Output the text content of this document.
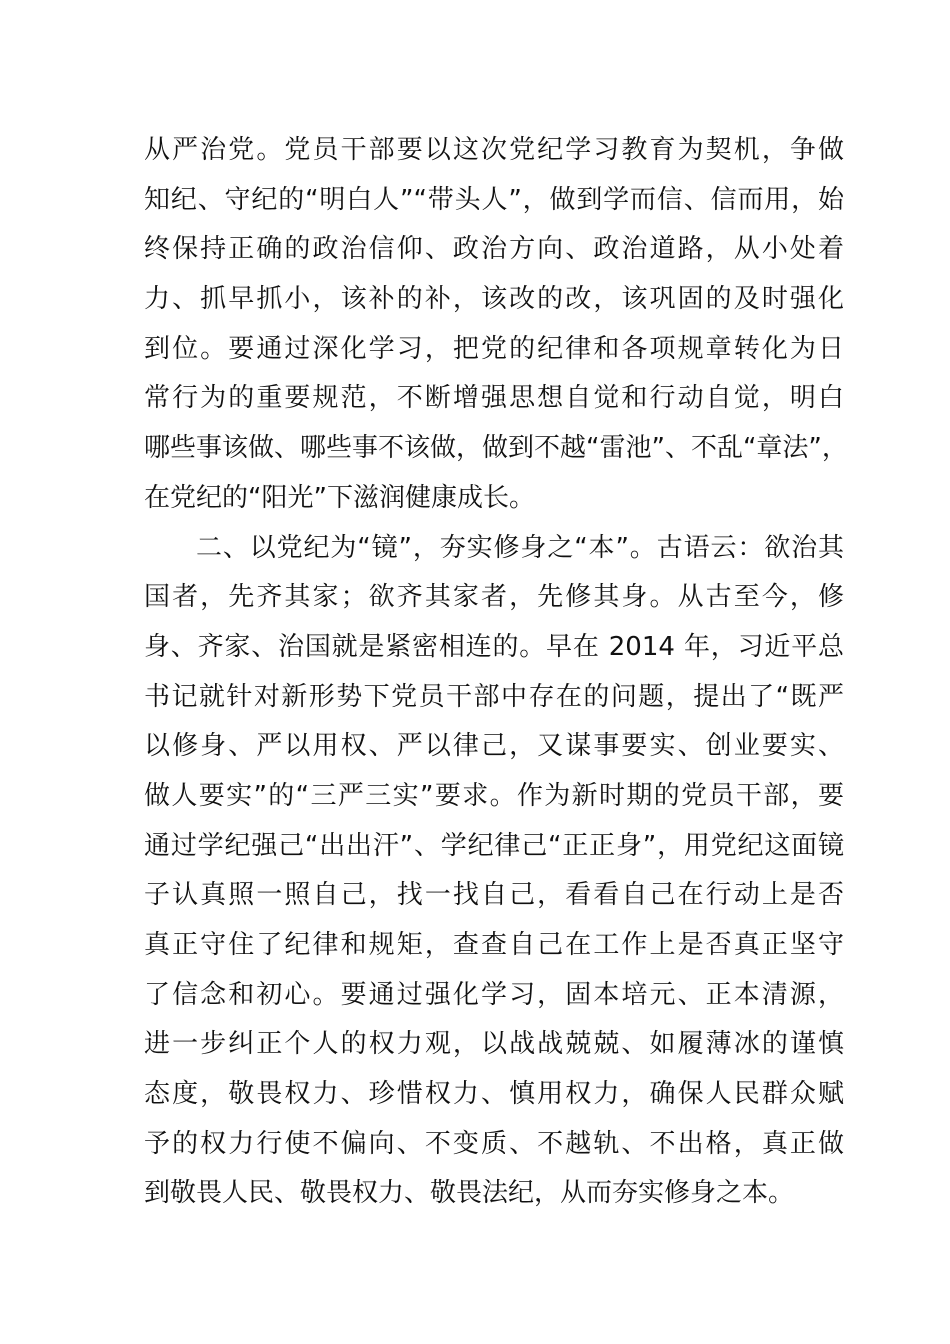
从严治党。党员干部要以这次党纪学习教育为契机，争做
知纪、守纪的“明白人”“带头人”，做到学而信、信而用，始
终保持正确的政治信仰、政治方向、政治道路，从小处着
力、抓早抓小，该补的补，该改的改，该巩固的及时强化
到位。要通过深化学习，把党的纪律和各项规章转化为日
常行为的重要规范，不断增强思想自觉和行动自觉，明白
哪些事该做、哪些事不该做，做到不越“雷池”、不乱“章法”，
在党纪的“阳光”下滋润健康成长。
二、以党纪为“镜”，夯实修身之“本”。古语云：欲治其
国者，先齐其家；欲齐其家者，先修其身。从古至今，修
身、齐家、治国就是紧密相连的。早在 2014 年，习近平总
书记就针对新形势下党员干部中存在的问题，提出了“既严
以修身、严以用权、严以律己，又谋事要实、创业要实、
做人要实”的“三严三实”要求。作为新时期的党员干部，要
通过学纪强己“出出汗”、学纪律己“正正身”，用党纪这面镜
子认真照一照自己，找一找自己，看看自己在行动上是否
真正守住了纪律和规矩，查查自己在工作上是否真正坚守
了信念和初心。要通过强化学习，固本培元、正本清源，
进一步纠正个人的权力观，以战战兢兢、如履薄冰的谨慎
态度，敬畏权力、珍惜权力、慎用权力，确保人民群众赋
予的权力行使不偏向、不变质、不越轨、不出格，真正做
到敬畏人民、敬畏权力、敬畏法纪，从而夯实修身之本。
